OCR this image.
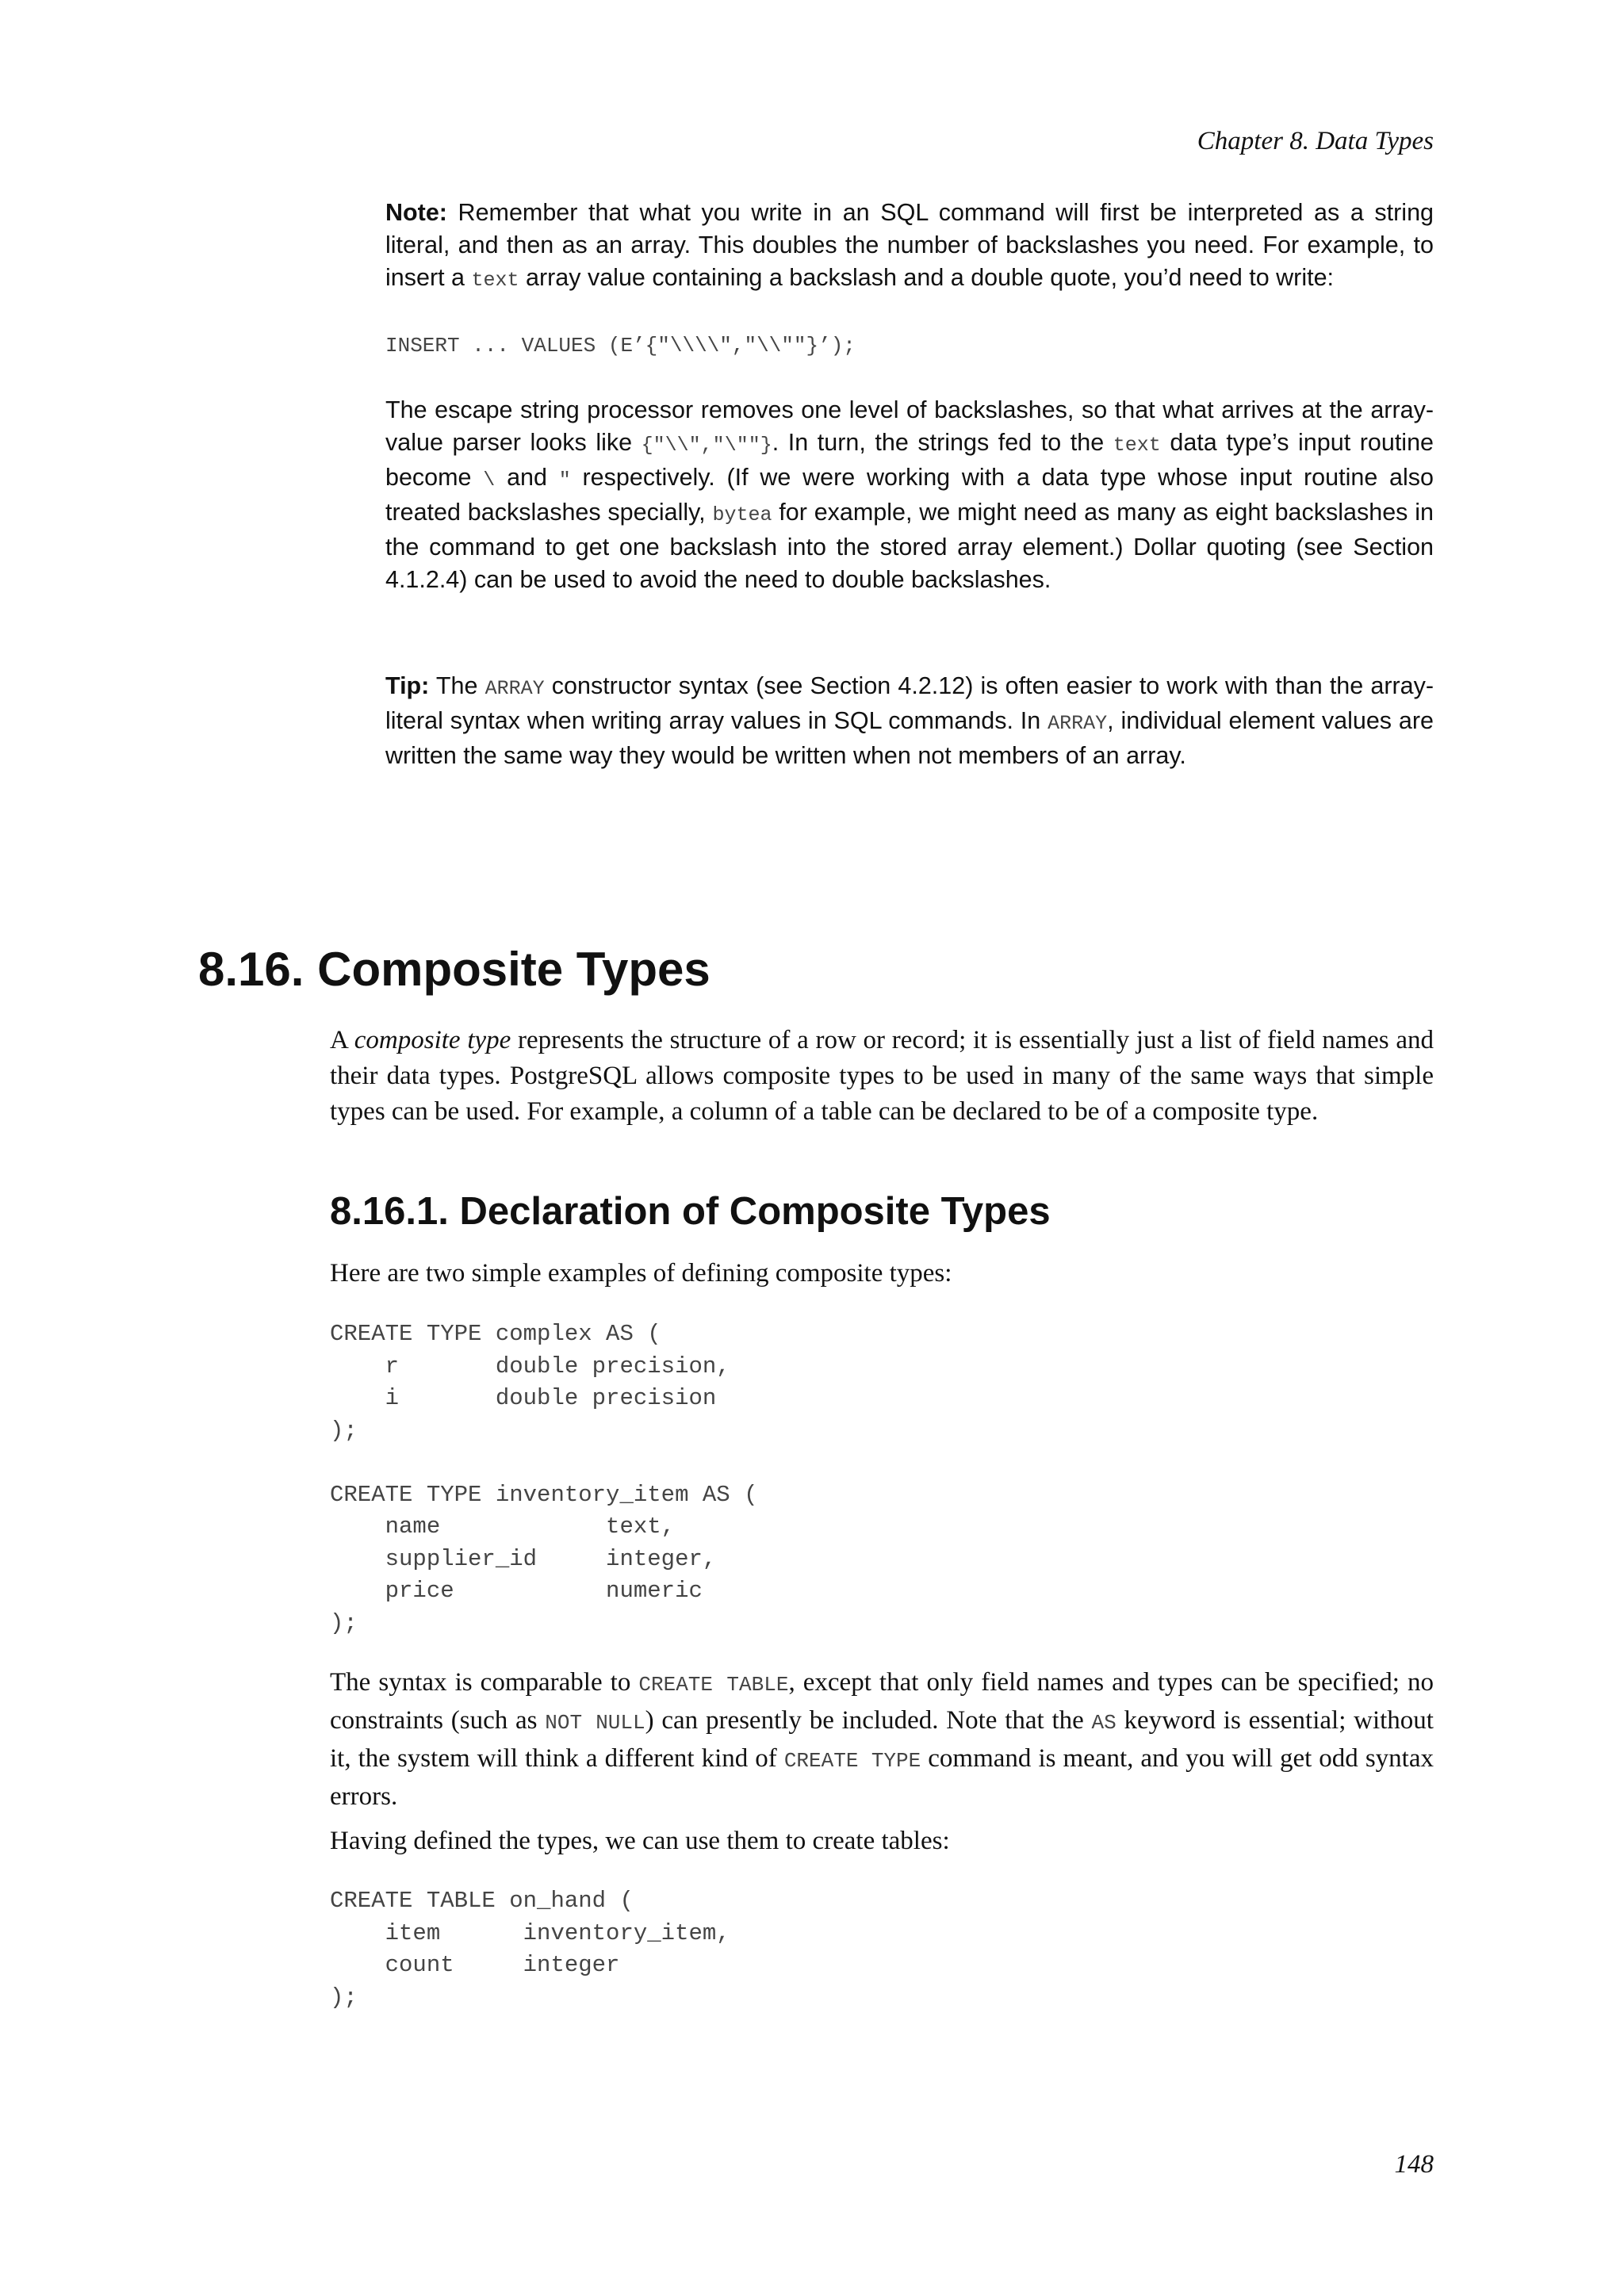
Chapter 8. Data Types

Note: Remember that what you write in an SQL command will first be interpreted as a string literal, and then as an array. This doubles the number of backslashes you need. For example, to insert a text array value containing a backslash and a double quote, you’d need to write:

INSERT ... VALUES (E’{"\\\\","\\""}’);

The escape string processor removes one level of backslashes, so that what arrives at the array-value parser looks like {"\\","\""}. In turn, the strings fed to the text data type’s input routine become \ and " respectively. (If we were working with a data type whose input routine also treated backslashes specially, bytea for example, we might need as many as eight backslashes in the command to get one backslash into the stored array element.) Dollar quoting (see Section 4.1.2.4) can be used to avoid the need to double backslashes.

Tip: The ARRAY constructor syntax (see Section 4.2.12) is often easier to work with than the array-literal syntax when writing array values in SQL commands. In ARRAY, individual element values are written the same way they would be written when not members of an array.

8.16. Composite Types

A composite type represents the structure of a row or record; it is essentially just a list of field names and their data types. PostgreSQL allows composite types to be used in many of the same ways that simple types can be used. For example, a column of a table can be declared to be of a composite type.

8.16.1. Declaration of Composite Types

Here are two simple examples of defining composite types:

CREATE TYPE complex AS (
r       double precision,
i       double precision
);

CREATE TYPE inventory_item AS (
name            text,
supplier_id     integer,
price           numeric
);

The syntax is comparable to CREATE TABLE, except that only field names and types can be specified; no constraints (such as NOT NULL) can presently be included. Note that the AS keyword is essential; without it, the system will think a different kind of CREATE TYPE command is meant, and you will get odd syntax errors.

Having defined the types, we can use them to create tables:

CREATE TABLE on_hand (
item      inventory_item,
count     integer
);
148
